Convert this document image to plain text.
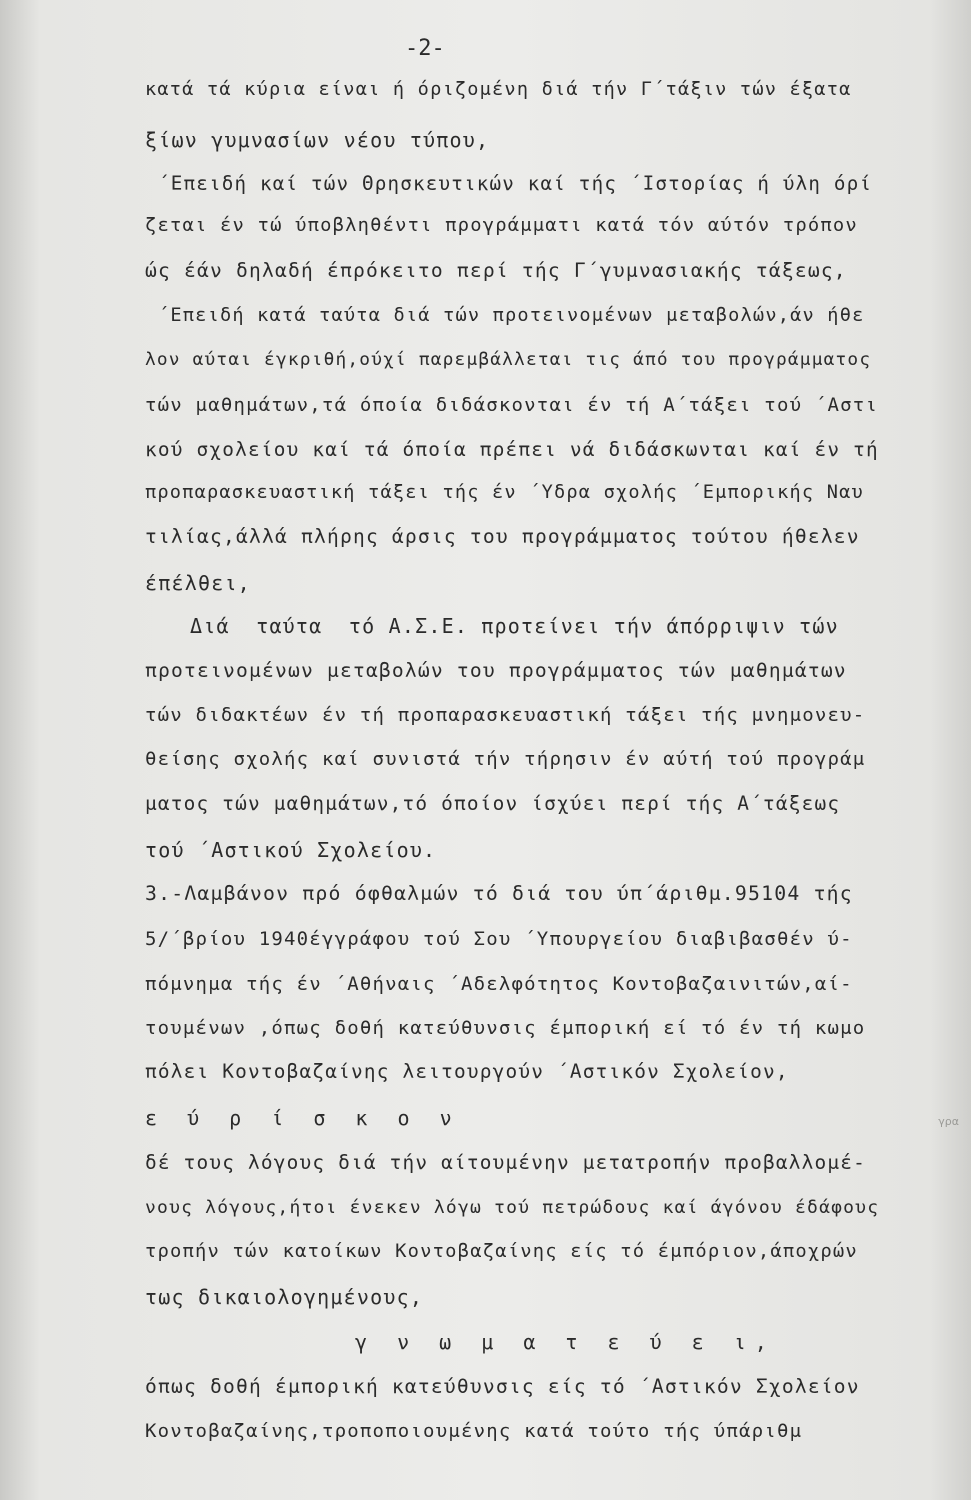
-2-
κατά τά κύρια είναι ή όριζομένη διά τήν Γ΄τάξιν τών έξατα
ξίων γυμνασίων νέου τύπου,
΄Επειδή καί τών Θρησκευτικών καί τής ΄Ιστορίας ή ύλη όρί
ζεται έν τώ ύποβληθέντι προγράμματι κατά τόν αύτόν τρόπον
ώς έάν δηλαδή έπρόκειτο περί τής Γ΄γυμνασιακής τάξεως,
΄Επειδή κατά ταύτα διά τών προτεινομένων μεταβολών,άν ήθε
λον αύται έγκριθή,ούχί παρεμβάλλεται τις άπό του προγράμματος
τών μαθημάτων,τά όποία διδάσκονται έν τή Α΄τάξει τού ΄Αστι
κού σχολείου καί τά όποία πρέπει νά διδάσκωνται καί έν τή
προπαρασκευαστική τάξει τής έν ΄Υδρα σχολής ΄Εμπορικής Ναυ
τιλίας,άλλά πλήρης άρσις του προγράμματος τούτου ήθελεν
έπέλθει,
Διά  ταύτα  τό Α.Σ.Ε. προτείνει τήν άπόρριψιν τών
προτεινομένων μεταβολών του προγράμματος τών μαθημάτων
τών διδακτέων έν τή προπαρασκευαστική τάξει τής μνημονευ-
θείσης σχολής καί συνιστά τήν τήρησιν έν αύτή τού προγράμ
ματος τών μαθημάτων,τό όποίον ίσχύει περί τής Α΄τάξεως
τού ΄Αστικού Σχολείου.
3.-Λαμβάνον πρό όφθαλμών τό διά του ύπ΄άριθμ.95104 τής
5/΄βρίου 1940έγγράφου τού Σου ΄Υπουργείου διαβιβασθέν ύ-
πόμνημα τής έν ΄Αθήναις ΄Αδελφότητος Κοντοβαζαινιτών,αί-
τουμένων ,όπως δοθή κατεύθυνσις έμπορική εί τό έν τή κωμο
πόλει Κοντοβαζαίνης λειτουργούν ΄Αστικόν Σχολείον,
ε ύ ρ ί σ κ ο ν
δέ τους λόγους διά τήν αίτουμένην μετατροπήν προβαλλομέ-
νους λόγους,ήτοι ένεκεν λόγω τού πετρώδους καί άγόνου έδάφους
τροπήν τών κατοίκων Κοντοβαζαίνης είς τό έμπόριον,άποχρών
τως δικαιολογημένους,
γ ν ω μ α τ ε ύ ε ι,
όπως δοθή έμπορική κατεύθυνσις είς τό ΄Αστικόν Σχολείον
Κοντοβαζαίνης,τροποποιουμένης κατά τούτο τής ύπάριθμ
γρα
